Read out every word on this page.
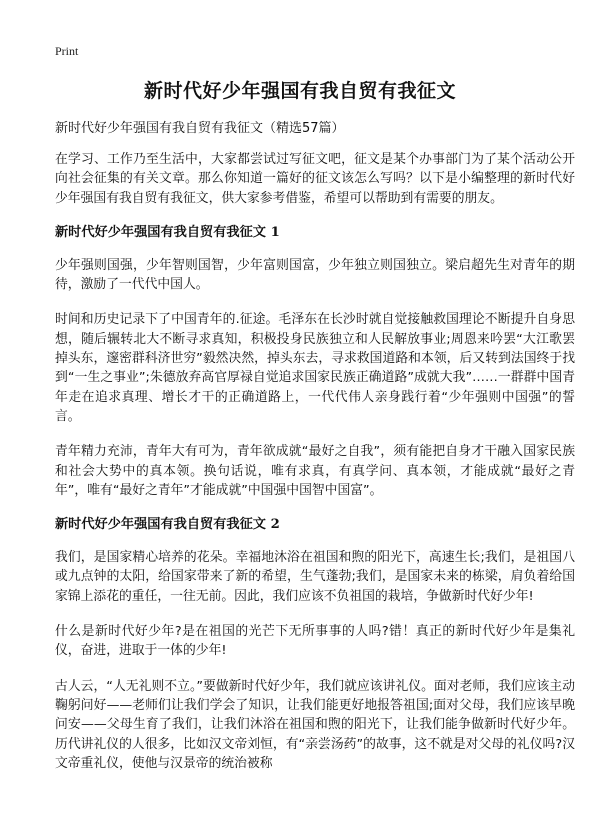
Print
新时代好少年强国有我自贸有我征文
新时代好少年强国有我自贸有我征文（精选57篇）

在学习、工作乃至生活中，大家都尝试过写征文吧，征文是某个办事部门为了某个活动公开向社会征集的有关文章。那么你知道一篇好的征文该怎么写吗？以下是小编整理的新时代好少年强国有我自贸有我征文，供大家参考借鉴，希望可以帮助到有需要的朋友。

新时代好少年强国有我自贸有我征文 1

少年强则国强，少年智则国智，少年富则国富，少年独立则国独立。梁启超先生对青年的期待，激励了一代代中国人。

时间和历史记录下了中国青年的.征途。毛泽东在长沙时就自觉接触救国理论不断提升自身思想，随后辗转北大不断寻求真知，积极投身民族独立和人民解放事业;周恩来吟罢“大江歌罢掉头东，邃密群科济世穷”毅然决然，掉头东去，寻求救国道路和本领，后又转到法国终于找到“一生之事业”;朱德放弃高官厚禄自觉追求国家民族正确道路”成就大我”……一群群中国青年走在追求真理、增长才干的正确道路上，一代代伟人亲身践行着“少年强则中国强”的誓言。

青年精力充沛，青年大有可为，青年欲成就“最好之自我”，须有能把自身才干融入国家民族和社会大势中的真本领。换句话说，唯有求真，有真学问、真本领，才能成就“最好之青年”，唯有“最好之青年”才能成就”中国强中国智中国富”。

新时代好少年强国有我自贸有我征文 2

我们，是国家精心培养的花朵。幸福地沐浴在祖国和煦的阳光下，高速生长;我们，是祖国八或九点钟的太阳，给国家带来了新的希望，生气蓬勃;我们，是国家未来的栋梁，肩负着给国家锦上添花的重任，一往无前。因此，我们应该不负祖国的栽培，争做新时代好少年!

什么是新时代好少年?是在祖国的光芒下无所事事的人吗?错！真正的新时代好少年是集礼仪，奋进，进取于一体的少年!

古人云，“人无礼则不立。”要做新时代好少年，我们就应该讲礼仪。面对老师，我们应该主动鞠躬问好——老师们让我们学会了知识，让我们能更好地报答祖国;面对父母，我们应该早晚问安——父母生育了我们，让我们沐浴在祖国和煦的阳光下，让我们能争做新时代好少年。历代讲礼仪的人很多，比如汉文帝刘恒，有“亲尝汤药”的故事，这不就是对父母的礼仪吗?汉文帝重礼仪，使他与汉景帝的统治被称
